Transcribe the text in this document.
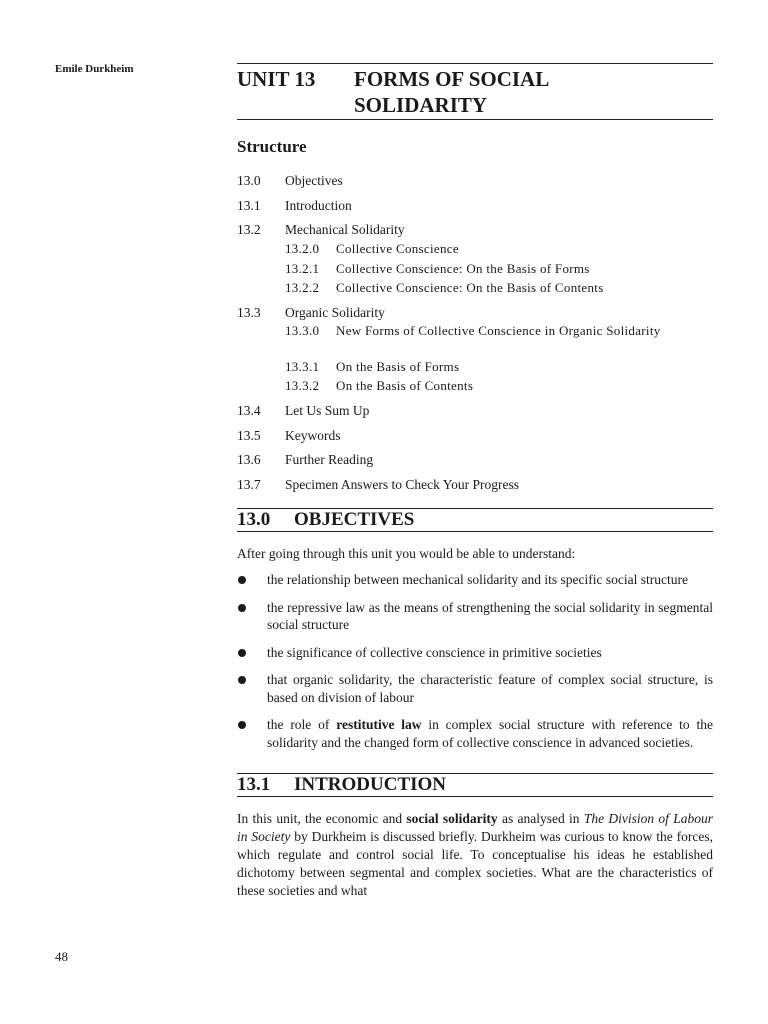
Emile Durkheim
48
UNIT 13	FORMS OF SOCIAL
SOLIDARITY
Structure
13.0	Objectives
13.1	Introduction
13.2	Mechanical Solidarity
13.2.0	Collective Conscience
13.2.1	Collective Conscience: On the Basis of Forms
13.2.2	Collective Conscience: On the Basis of Contents
13.3	Organic Solidarity
13.3.0	New Forms of Collective Conscience in Organic Solidarity
13.3.1	On the Basis of Forms
13.3.2	On the Basis of Contents
13.4	Let Us Sum Up
13.5	Keywords
13.6	Further Reading
13.7	Specimen Answers to Check Your Progress
13.0	OBJECTIVES
After going through this unit you would be able to understand:
the relationship between mechanical solidarity and its specific social structure
the repressive law as the means of strengthening the social solidarity in segmental social structure
the significance of collective conscience in primitive societies
that organic solidarity, the characteristic feature of complex social structure, is based on division of labour
the role of restitutive law in complex social structure with reference to the solidarity and the changed form of collective conscience in advanced societies.
13.1	INTRODUCTION
In this unit, the economic and social solidarity as analysed in The Division of Labour in Society by Durkheim is discussed briefly. Durkheim was curious to know the forces, which regulate and control social life. To conceptualise his ideas he established dichotomy between segmental and complex societies. What are the characteristics of these societies and what
